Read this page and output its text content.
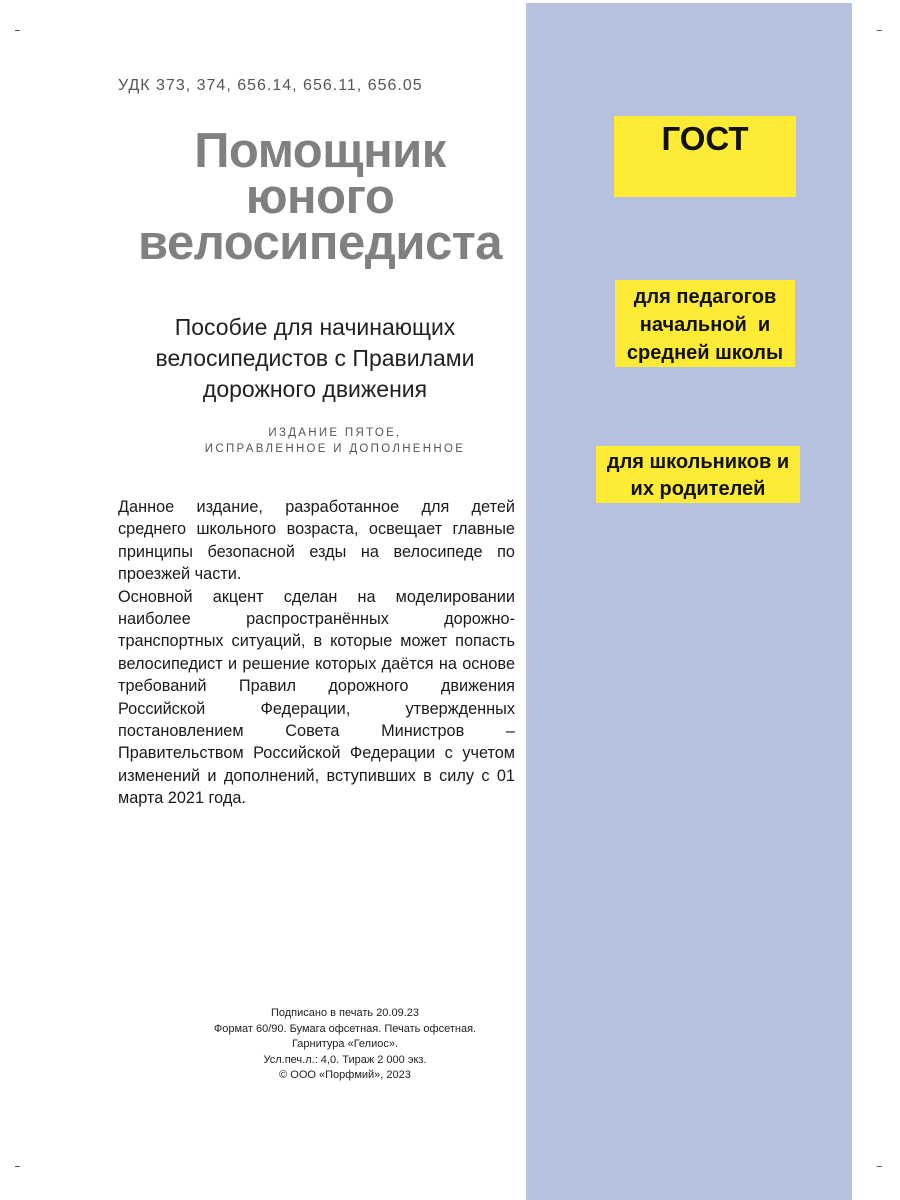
УДК 373, 374, 656.14, 656.11, 656.05
Помощник
юного
велосипедиста
Пособие для начинающих
велосипедистов с Правилами
дорожного движения
ИЗДАНИЕ ПЯТОЕ,
ИСПРАВЛЕННОЕ И ДОПОЛНЕННОЕ

Данное издание, разработанное для детей среднего школьного возраста, освещает главные принципы безопасной езды на велосипеде по проезжей части.

Основной акцент сделан на моделировании наиболее распространённых дорожно-транспортных ситуаций, в которые может попасть велосипедист и решение которых даётся на основе требований Правил дорожного движения Российской Федерации, утвержденных постановлением Совета Министров – Правительством Российской Федерации с учетом изменений и дополнений, вступивших в силу с 01 марта 2021 года.

Подписано в печать 20.09.23
Формат 60/90. Бумага офсетная. Печать офсетная.
Гарнитура «Гелиос».
Усл.печ.л.: 4,0. Тираж 2 000 экз.
© ООО «Порфмий», 2023
ГОСТ
для педагогов
начальной  и
средней школы
для школьников и
их родителей
